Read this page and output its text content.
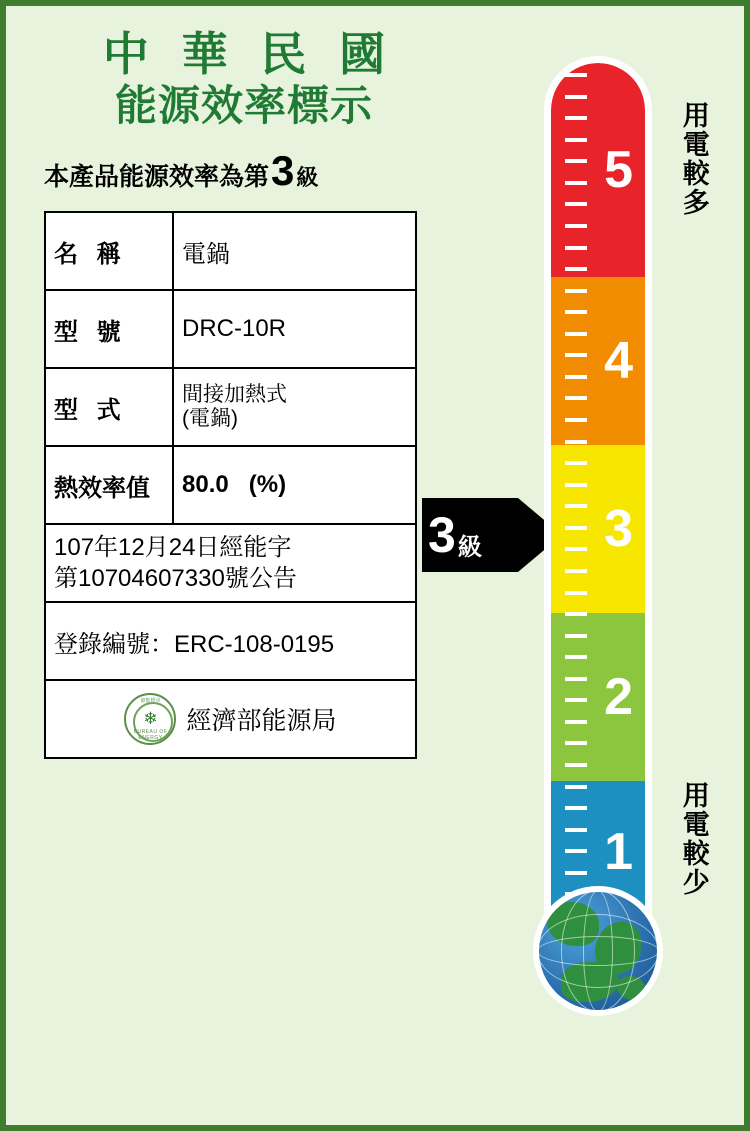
中 華 民 國
能源效率標示
本產品能源效率為第 3 級
名 稱	電鍋
型 號	DRC-10R
型 式	間接加熱式
(電鍋)

熱效率值	80.0 (%)

107年12月24日經能字
第10704607330號公告	

登錄編號：ERC-108-0195	

節能標章
❄
BUREAU OF ENERGY
經濟部能源局	
3 級
5
4
3
2
1
用電較多
用電較少
